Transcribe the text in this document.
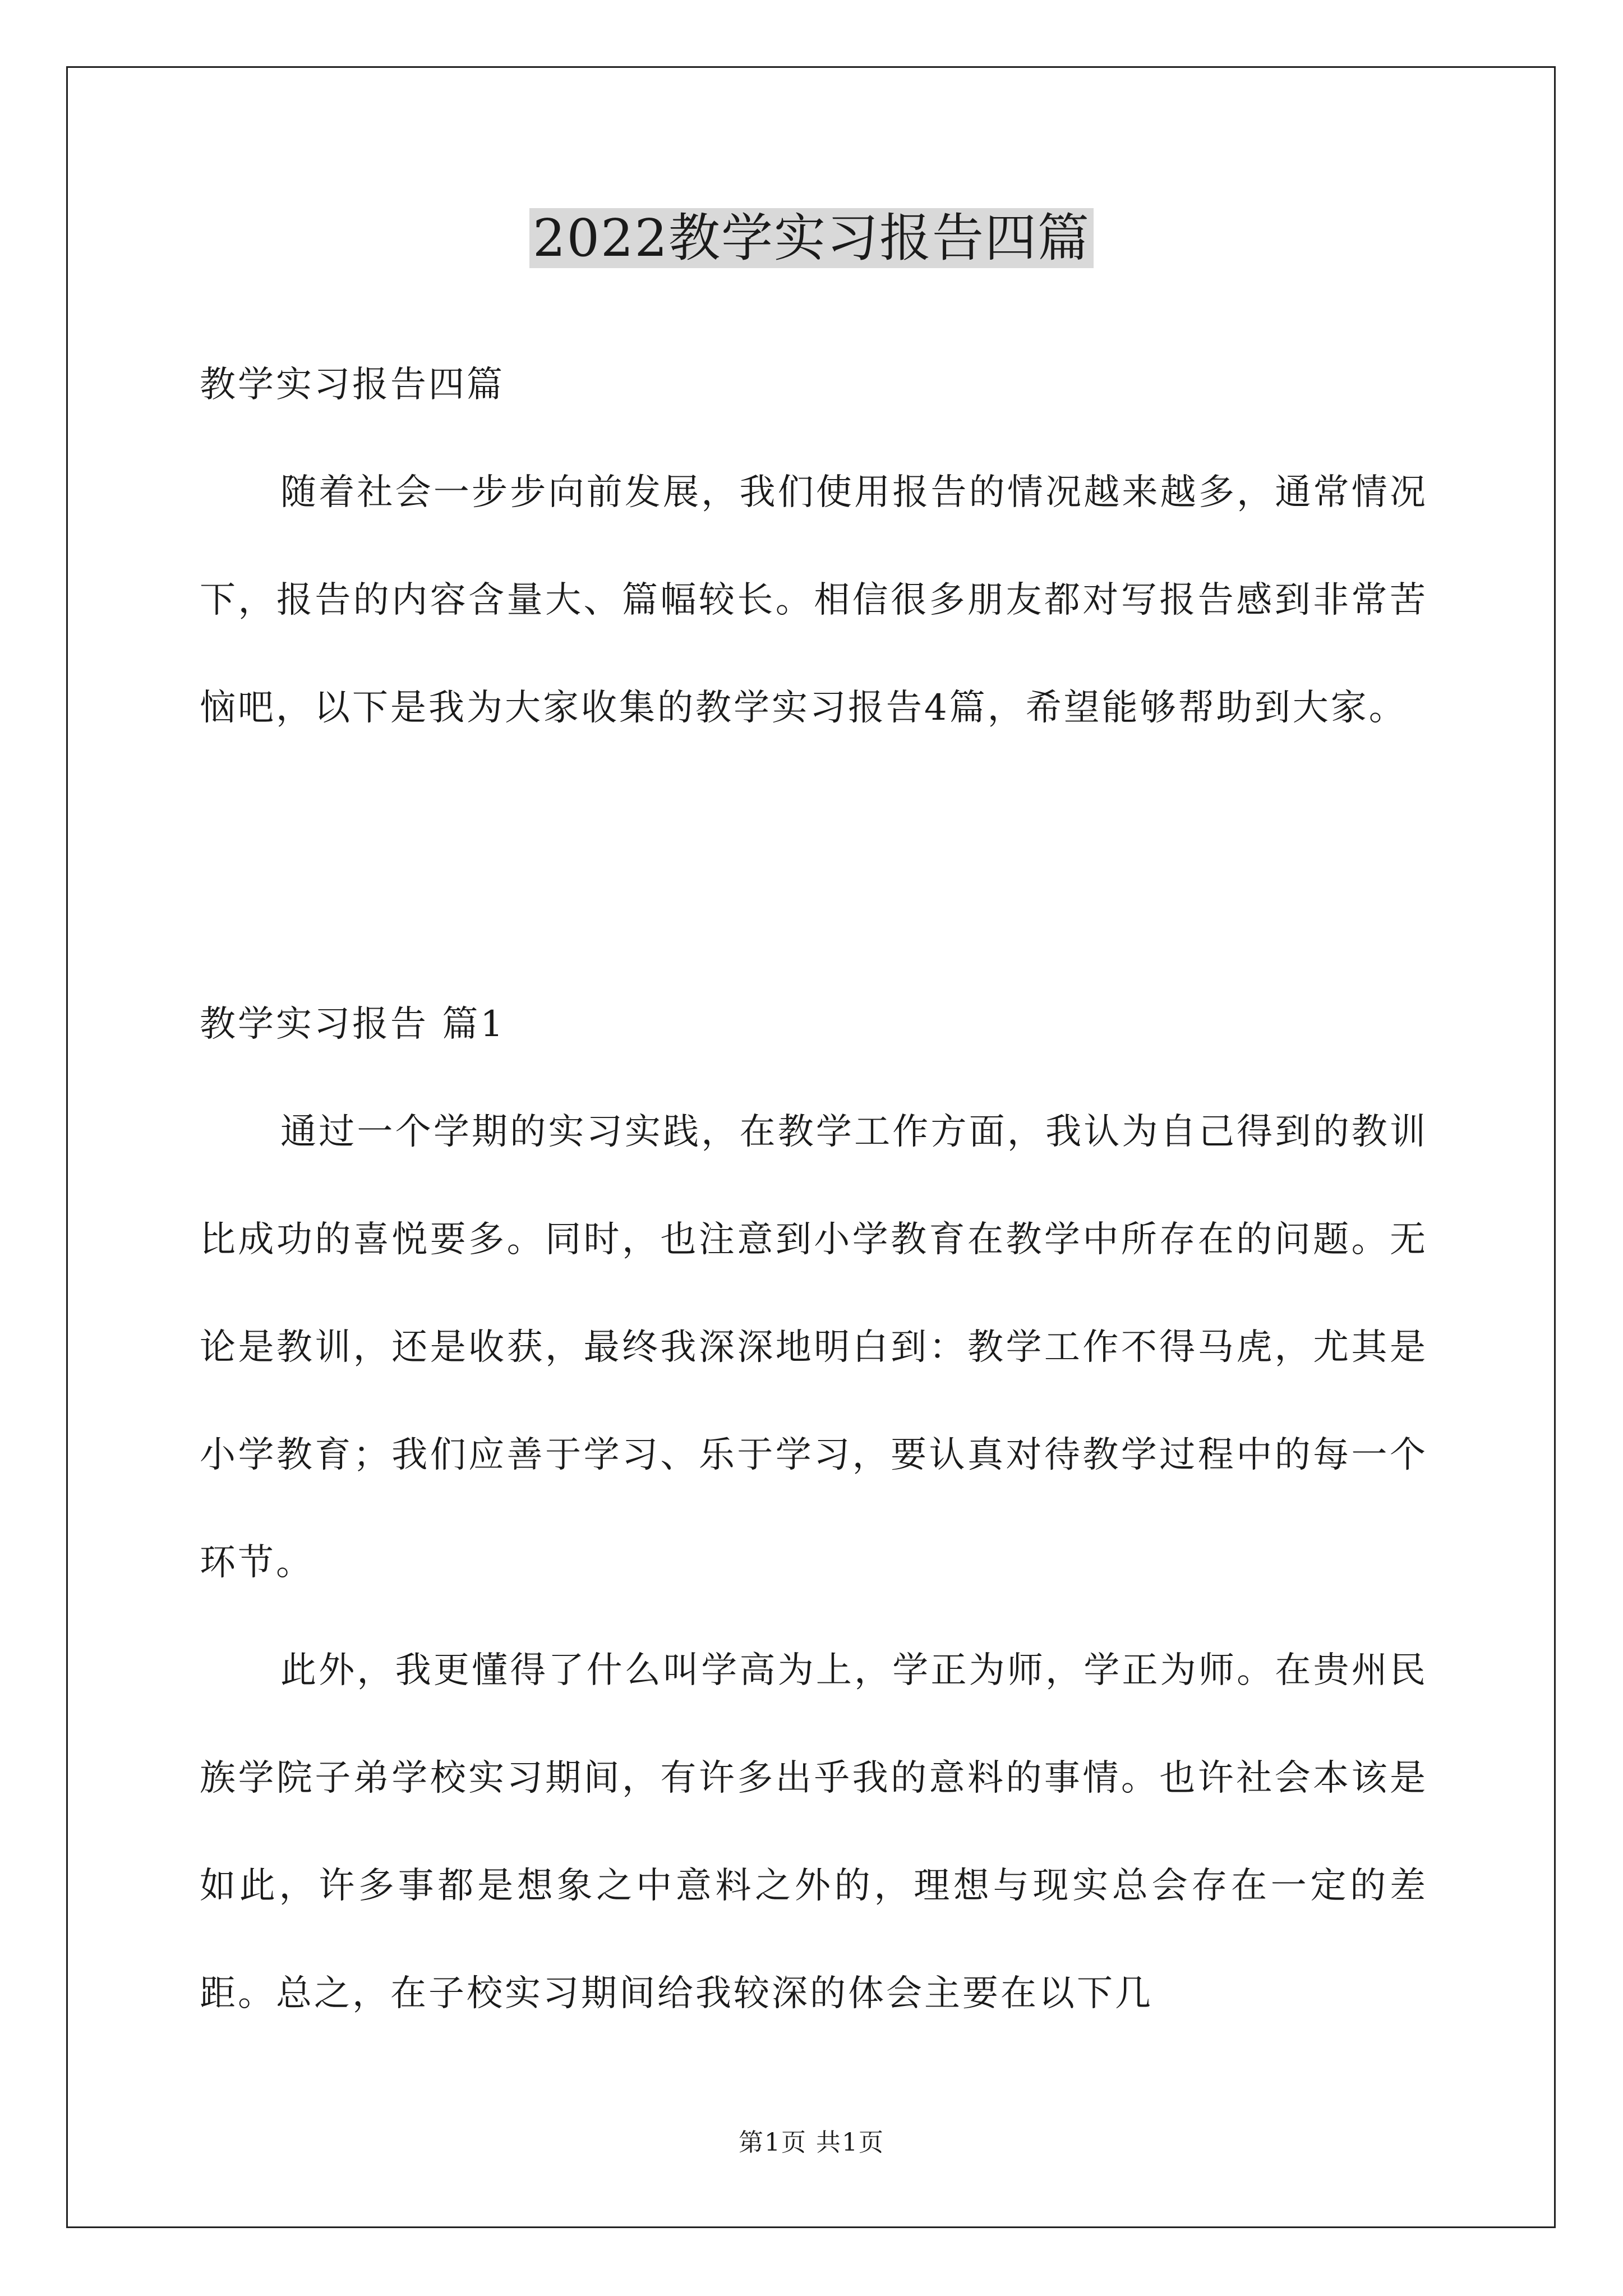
2022教学实习报告四篇

教学实习报告四篇

随着社会一步步向前发展，我们使用报告的情况越来越多，通常情况下，报告的内容含量大、篇幅较长。相信很多朋友都对写报告感到非常苦恼吧，以下是我为大家收集的教学实习报告4篇，希望能够帮助到大家。

教学实习报告 篇1

通过一个学期的实习实践，在教学工作方面，我认为自己得到的教训比成功的喜悦要多。同时，也注意到小学教育在教学中所存在的问题。无论是教训，还是收获，最终我深深地明白到：教学工作不得马虎，尤其是小学教育；我们应善于学习、乐于学习，要认真对待教学过程中的每一个环节。

此外，我更懂得了什么叫学高为上，学正为师，学正为师。在贵州民族学院子弟学校实习期间，有许多出乎我的意料的事情。也许社会本该是如此，许多事都是想象之中意料之外的，理想与现实总会存在一定的差距。总之，在子校实习期间给我较深的体会主要在以下几

第1页 共1页
